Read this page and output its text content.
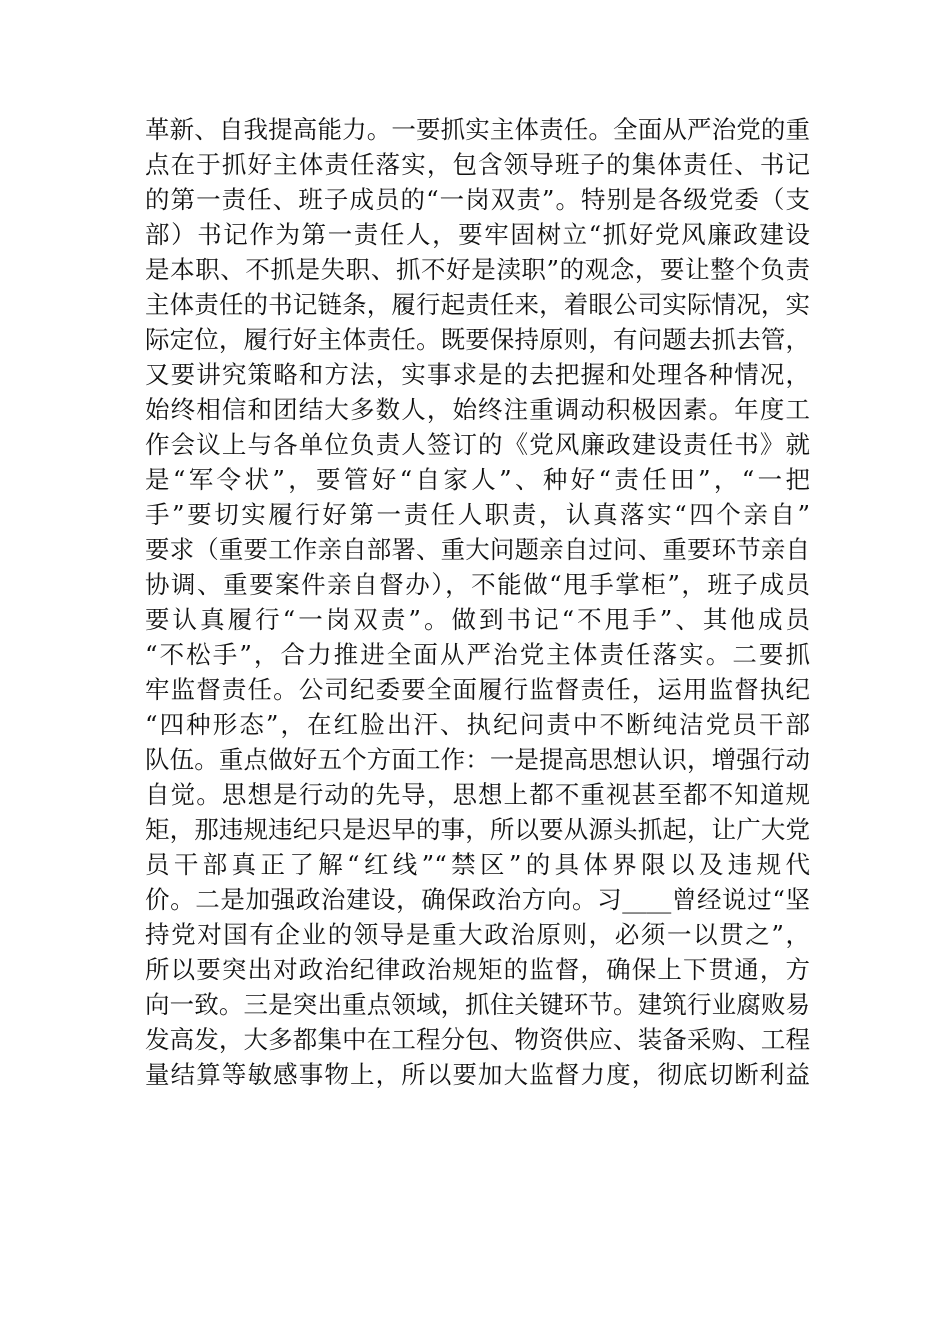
革新、自我提高能力。一要抓实主体责任。全面从严治党的重
点在于抓好主体责任落实，包含领导班子的集体责任、书记
的第一责任、班子成员的“一岗双责”。特别是各级党委（支
部）书记作为第一责任人，要牢固树立“抓好党风廉政建设
是本职、不抓是失职、抓不好是渎职”的观念，要让整个负责
主体责任的书记链条，履行起责任来，着眼公司实际情况，实
际定位，履行好主体责任。既要保持原则，有问题去抓去管，
又要讲究策略和方法，实事求是的去把握和处理各种情况，
始终相信和团结大多数人，始终注重调动积极因素。年度工
作会议上与各单位负责人签订的《党风廉政建设责任书》就
是“军令状”，要管好“自家人”、种好“责任田”，“一把
手”要切实履行好第一责任人职责，认真落实“四个亲自”
要求（重要工作亲自部署、重大问题亲自过问、重要环节亲自
协调、重要案件亲自督办），不能做“甩手掌柜”，班子成员
要认真履行“一岗双责”。做到书记“不甩手”、其他成员
“不松手”，合力推进全面从严治党主体责任落实。二要抓
牢监督责任。公司纪委要全面履行监督责任，运用监督执纪
“四种形态”，在红脸出汗、执纪问责中不断纯洁党员干部
队伍。重点做好五个方面工作：一是提高思想认识，增强行动
自觉。思想是行动的先导，思想上都不重视甚至都不知道规
矩，那违规违纪只是迟早的事，所以要从源头抓起，让广大党
员干部真正了解“红线”“禁区”的具体界限以及违规代
价。二是加强政治建设，确保政治方向。习____曾经说过“坚
持党对国有企业的领导是重大政治原则，必须一以贯之”，
所以要突出对政治纪律政治规矩的监督，确保上下贯通，方
向一致。三是突出重点领域，抓住关键环节。建筑行业腐败易
发高发，大多都集中在工程分包、物资供应、装备采购、工程
量结算等敏感事物上，所以要加大监督力度，彻底切断利益
